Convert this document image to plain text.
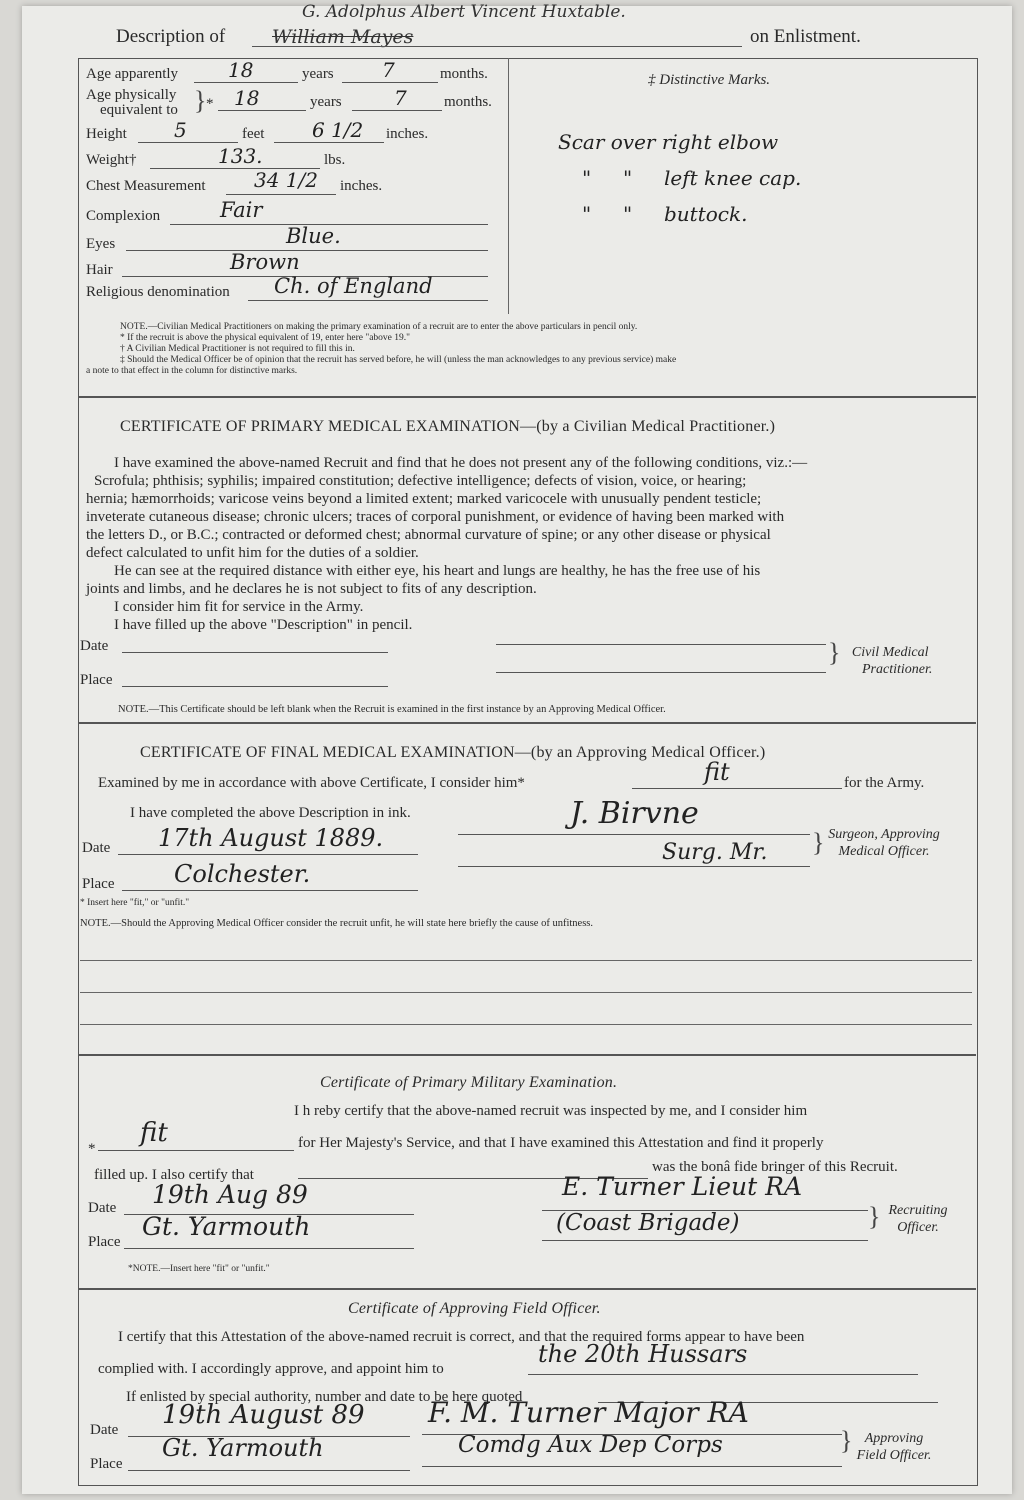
Description of
G. Adolphus Albert Vincent Huxtable.
William Mayes	on Enlistment.
Age apparently 18	years 7	months.
Age physically
equivalent to } * 18	years	7 months.
Height 5	feet 6 1/2 inches.
Weight†	133.	lbs.
Chest Measurement 34 1/2 inches.
Complexion	Fair
Eyes	Blue.
Hair	Brown
Religious denomination Ch. of England
‡ Distinctive Marks.
Scar over right elbow
"     "     left knee cap.
"     "     buttock.
NOTE.—Civilian Medical Practitioners on making the primary examination of a recruit are to enter the above particulars in pencil only.
* If the recruit is above the physical equivalent of 19, enter here "above 19."
† A Civilian Medical Practitioner is not required to fill this in.
‡ Should the Medical Officer be of opinion that the recruit has served before, he will (unless the man acknowledges to any previous service) make
a note to that effect in the column for distinctive marks.
CERTIFICATE OF PRIMARY MEDICAL EXAMINATION—(by a Civilian Medical Practitioner.)
I have examined the above-named Recruit and find that he does not present any of the following conditions, viz.:—
Scrofula; phthisis; syphilis; impaired constitution; defective intelligence; defects of vision, voice, or hearing;
hernia; hæmorrhoids; varicose veins beyond a limited extent; marked varicocele with unusually pendent testicle;
inveterate cutaneous disease; chronic ulcers; traces of corporal punishment, or evidence of having been marked with
the letters D., or B.C.; contracted or deformed chest; abnormal curvature of spine; or any other disease or physical
defect calculated to unfit him for the duties of a soldier.
He can see at the required distance with either eye, his heart and lungs are healthy, he has the free use of his
joints and limbs, and he declares he is not subject to fits of any description.
I consider him fit for service in the Army.
I have filled up the above "Description" in pencil.
Date
Place
} Civil Medical
Practitioner.
NOTE.—This Certificate should be left blank when the Recruit is examined in the first instance by an Approving Medical Officer.
CERTIFICATE OF FINAL MEDICAL EXAMINATION—(by an Approving Medical Officer.)
Examined by me in accordance with above Certificate, I consider him*	fit	for the Army.
I have completed the above Description in ink.
Date 17th August 1889.
Place Colchester.
J. Birvne
Surg. Mr. } Surgeon, Approving
Medical Officer.
* Insert here "fit," or "unfit."
NOTE.—Should the Approving Medical Officer consider the recruit unfit, he will state here briefly the cause of unfitness.
Certificate of Primary Military Examination.
I h reby certify that the above-named recruit was inspected by me, and I consider him
*
fit	for Her Majesty's Service, and that I have examined this Attestation and find it properly
filled up. I also certify that	was the bonâ fide bringer of this Recruit.
Date 19th Aug 89
Place
Gt. Yarmouth
E. Turner Lieut RA
(Coast Brigade)	} Recruiting
Officer.
*NOTE.—Insert here "fit" or "unfit."
Certificate of Approving Field Officer.
I certify that this Attestation of the above-named recruit is correct, and that the required forms appear to have been
complied with. I accordingly approve, and appoint him to
the 20th Hussars
If enlisted by special authority, number and date to be here quoted
Date 19th August 89 F. M. Turner Major RA
Place
Gt. Yarmouth	Comdg Aux Dep Corps	} Approving
Field Officer.
